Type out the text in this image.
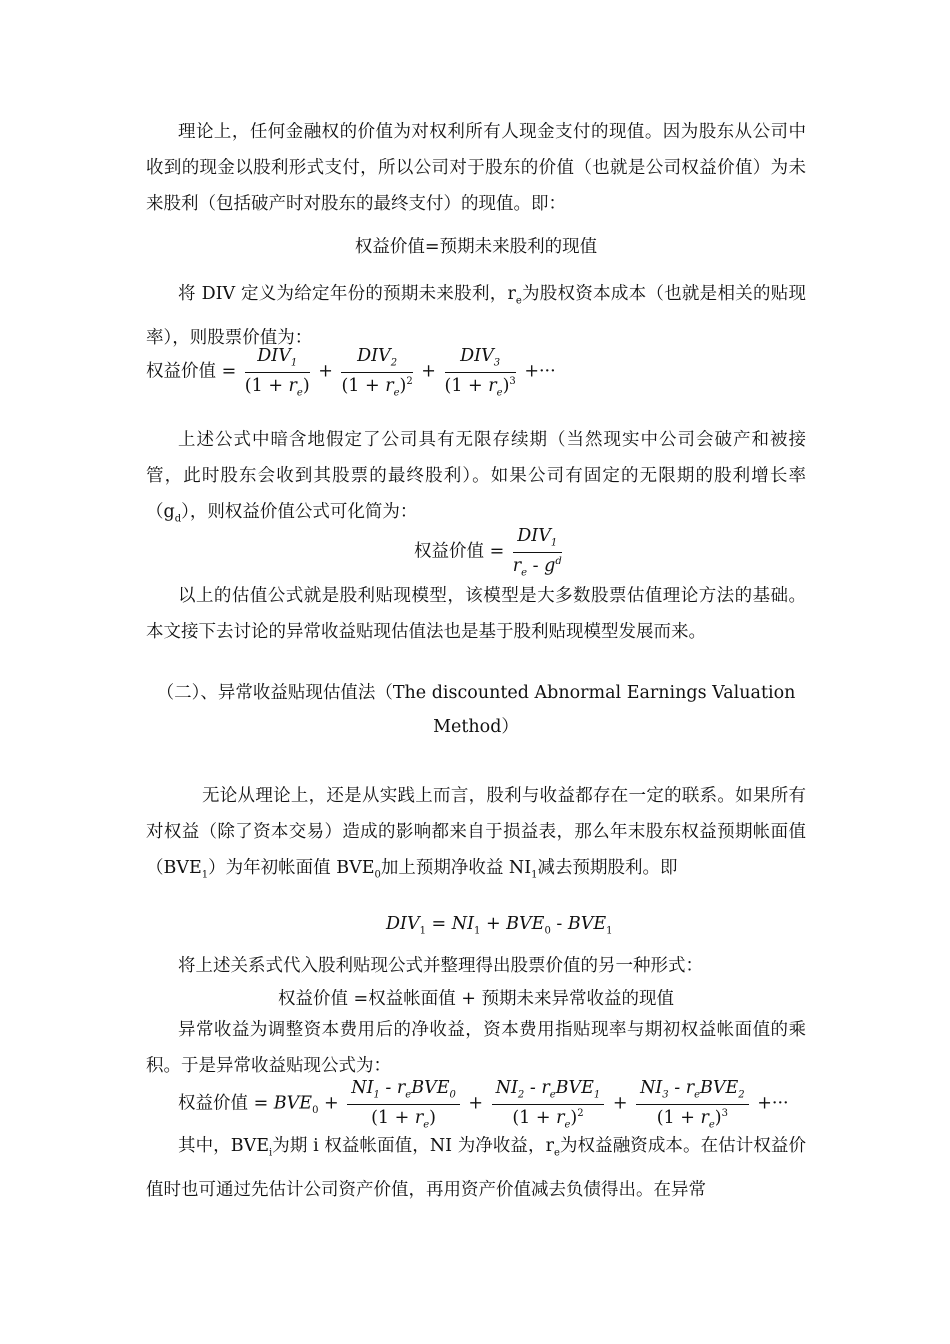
理论上，任何金融权的价值为对权利所有人现金支付的现值。因为股东从公司中收到的现金以股利形式支付，所以公司对于股东的价值（也就是公司权益价值）为未来股利（包括破产时对股东的最终支付）的现值。即：
权益价值=预期未来股利的现值
将 DIV 定义为给定年份的预期未来股利，$r_e$为股权资本成本（也就是相关的贴现率），则股票价值为：
权益价值 = $\frac{DIV_1}{(1 + r_e)} + \frac{DIV_2}{(1 + r_e)^2} + \frac{DIV_3}{(1 + r_e)^3}$ +···
上述公式中暗含地假定了公司具有无限存续期（当然现实中公司会破产和被接管，此时股东会收到其股票的最终股利）。如果公司有固定的无限期的股利增长率$(g_d)$，则权益价值公式可化简为：
权益价值 = $\frac{DIV_1}{r_e - g^d}$
以上的估值公式就是股利贴现模型，该模型是大多数股票估值理论方法的基础。本文接下去讨论的异常收益贴现估值法也是基于股利贴现模型发展而来。
（二）、异常收益贴现估值法（The discounted Abnormal Earnings Valuation
Method）
无论从理论上，还是从实践上而言，股利与收益都存在一定的联系。如果所有对权益（除了资本交易）造成的影响都来自于损益表，那么年末股东权益预期帐面值$(BVE_1)$为年初帐面值 $BVE_0$加上预期净收益 $NI_1$减去预期股利。即
$DIV_1 = NI_1 + BVE_0 - BVE_1$
将上述关系式代入股利贴现公式并整理得出股票价值的另一种形式：
权益价值 =权益帐面值 + 预期未来异常收益的现值
异常收益为调整资本费用后的净收益，资本费用指贴现率与期初权益帐面值的乘积。于是异常收益贴现公式为：
权益价值 = $BVE_0 + \frac{NI_1 - r_eBVE_0}{(1 + r_e)} + \frac{NI_2 - r_eBVE_1}{(1 + r_e)^2} + \frac{NI_3 - r_eBVE_2}{(1 + r_e)^3}$ +···
其中，$BVE_i$为期 i 权益帐面值，NI 为净收益，$r_e$为权益融资成本。在估计权益价值时也可通过先估计公司资产价值，再用资产价值减去负债得出。在异常
